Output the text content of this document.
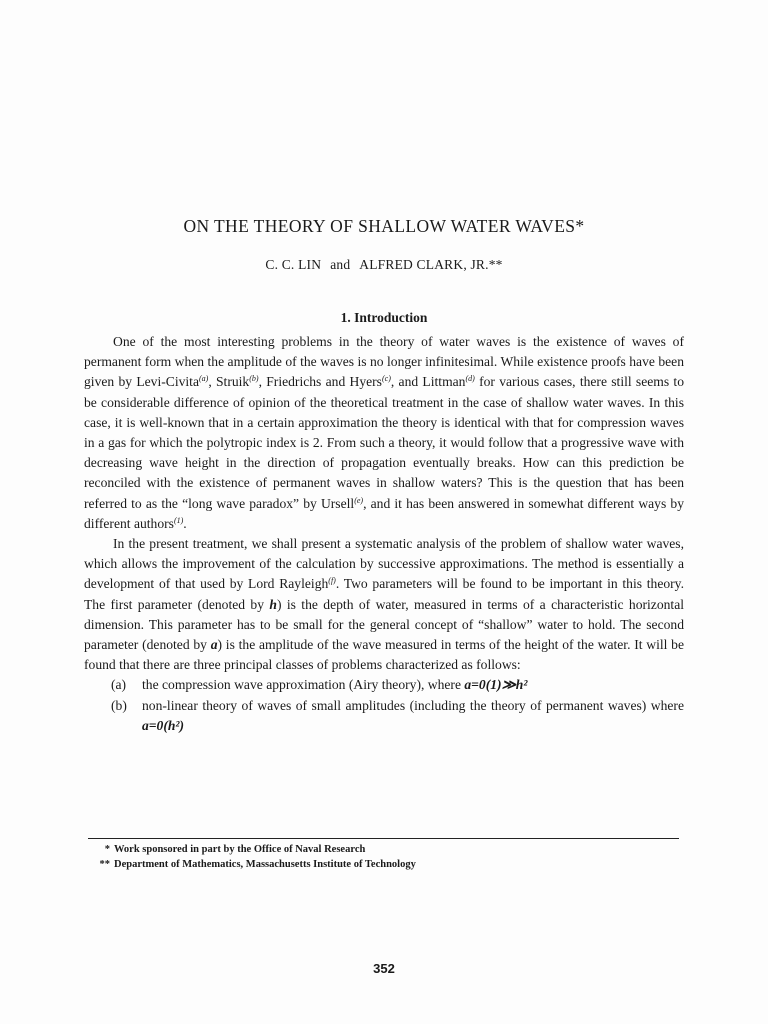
ON THE THEORY OF SHALLOW WATER WAVES*
C. C. LIN and ALFRED CLARK, JR.**
1. Introduction

One of the most interesting problems in the theory of water waves is the existence of waves of permanent form when the amplitude of the waves is no longer infinitesimal. While existence proofs have been given by Levi-Civita$^{(a)}$, Struik$^{(b)}$, Friedrichs and Hyers$^{(c)}$, and Littman$^{(d)}$ for various cases, there still seems to be considerable difference of opinion of the theoretical treatment in the case of shallow water waves. In this case, it is well-known that in a certain approximation the theory is identical with that for compression waves in a gas for which the polytropic index is 2. From such a theory, it would follow that a progressive wave with decreasing wave height in the direction of propagation eventually breaks. How can this prediction be reconciled with the existence of permanent waves in shallow waters? This is the question that has been referred to as the “long wave paradox” by Ursell$^{(e)}$, and it has been answered in somewhat different ways by different authors$^{(1)}$.

In the present treatment, we shall present a systematic analysis of the problem of shallow water waves, which allows the improvement of the calculation by successive approximations. The method is essentially a development of that used by Lord Rayleigh$^{(f)}$. Two parameters will be found to be important in this theory. The first parameter (denoted by h) is the depth of water, measured in terms of a characteristic horizontal dimension. This parameter has to be small for the general concept of “shallow” water to hold. The second parameter (denoted by a) is the amplitude of the wave measured in terms of the height of the water. It will be found that there are three principal classes of problems characterized as follows:

(a) the compression wave approximation (Airy theory), where a=0(1)≫h²

(b) non-linear theory of waves of small amplitudes (including the theory of permanent waves) where a=0(h²)

* Work sponsored in part by the Office of Naval Research
** Department of Mathematics, Massachusetts Institute of Technology
352
